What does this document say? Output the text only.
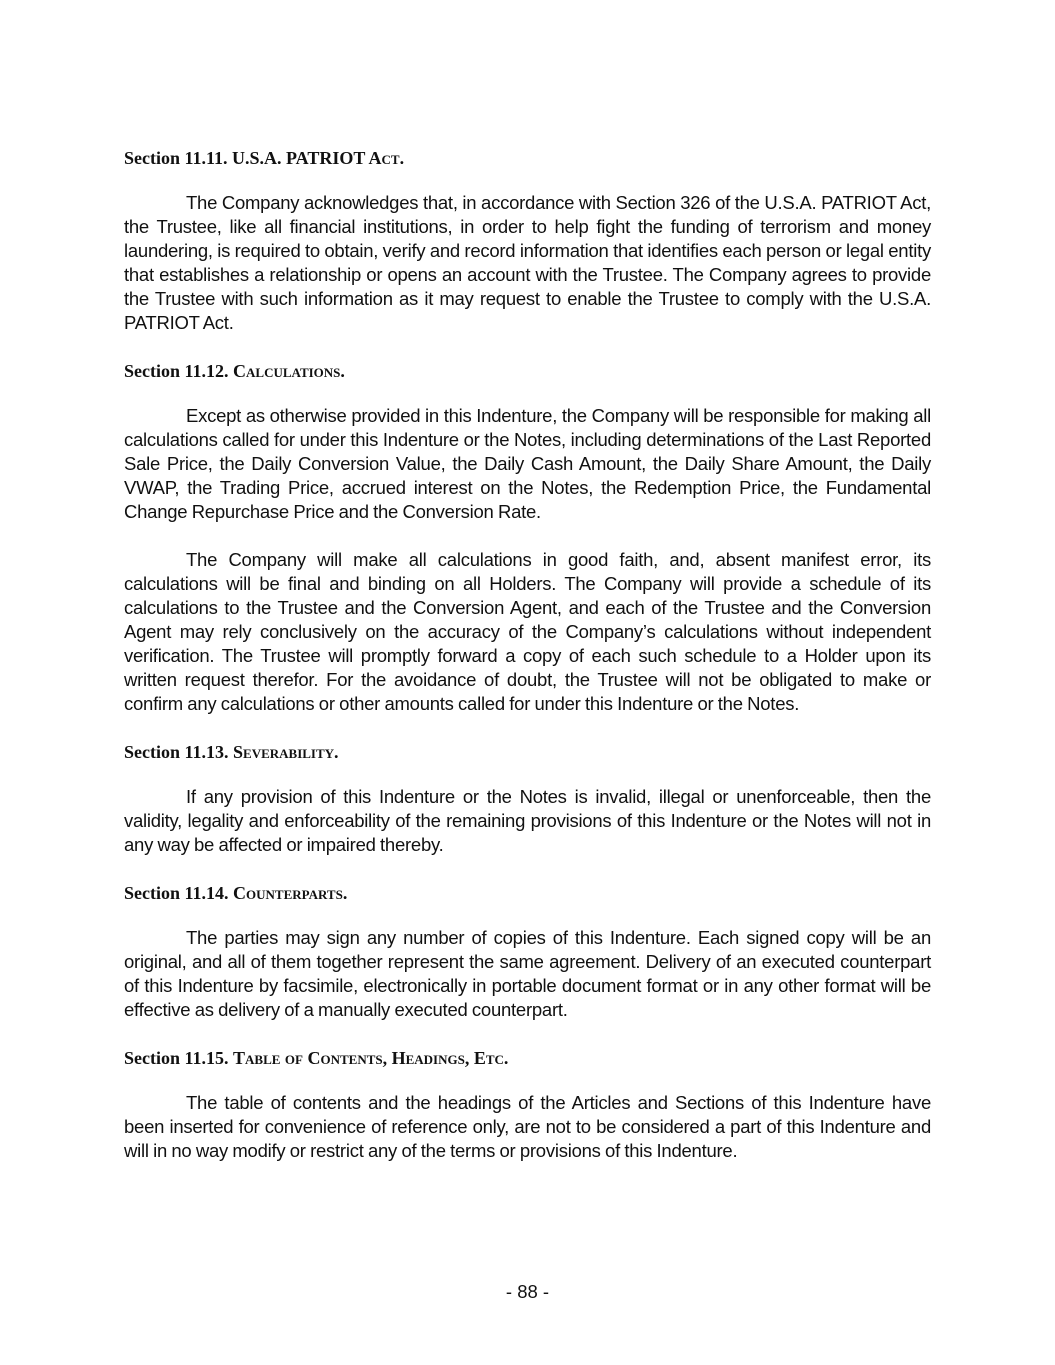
Section 11.11. U.S.A. PATRIOT Act.

The Company acknowledges that, in accordance with Section 326 of the U.S.A. PATRIOT Act, the Trustee, like all financial institutions, in order to help fight the funding of terrorism and money laundering, is required to obtain, verify and record information that identifies each person or legal entity that establishes a relationship or opens an account with the Trustee. The Company agrees to provide the Trustee with such information as it may request to enable the Trustee to comply with the U.S.A. PATRIOT Act.

Section 11.12. Calculations.

Except as otherwise provided in this Indenture, the Company will be responsible for making all calculations called for under this Indenture or the Notes, including determinations of the Last Reported Sale Price, the Daily Conversion Value, the Daily Cash Amount, the Daily Share Amount, the Daily VWAP, the Trading Price, accrued interest on the Notes, the Redemption Price, the Fundamental Change Repurchase Price and the Conversion Rate.

The Company will make all calculations in good faith, and, absent manifest error, its calculations will be final and binding on all Holders. The Company will provide a schedule of its calculations to the Trustee and the Conversion Agent, and each of the Trustee and the Conversion Agent may rely conclusively on the accuracy of the Company’s calculations without independent verification. The Trustee will promptly forward a copy of each such schedule to a Holder upon its written request therefor. For the avoidance of doubt, the Trustee will not be obligated to make or confirm any calculations or other amounts called for under this Indenture or the Notes.

Section 11.13. Severability.

If any provision of this Indenture or the Notes is invalid, illegal or unenforceable, then the validity, legality and enforceability of the remaining provisions of this Indenture or the Notes will not in any way be affected or impaired thereby.

Section 11.14. Counterparts.

The parties may sign any number of copies of this Indenture. Each signed copy will be an original, and all of them together represent the same agreement. Delivery of an executed counterpart of this Indenture by facsimile, electronically in portable document format or in any other format will be effective as delivery of a manually executed counterpart.

Section 11.15. Table of Contents, Headings, Etc.

The table of contents and the headings of the Articles and Sections of this Indenture have been inserted for convenience of reference only, are not to be considered a part of this Indenture and will in no way modify or restrict any of the terms or provisions of this Indenture.

- 88 -
